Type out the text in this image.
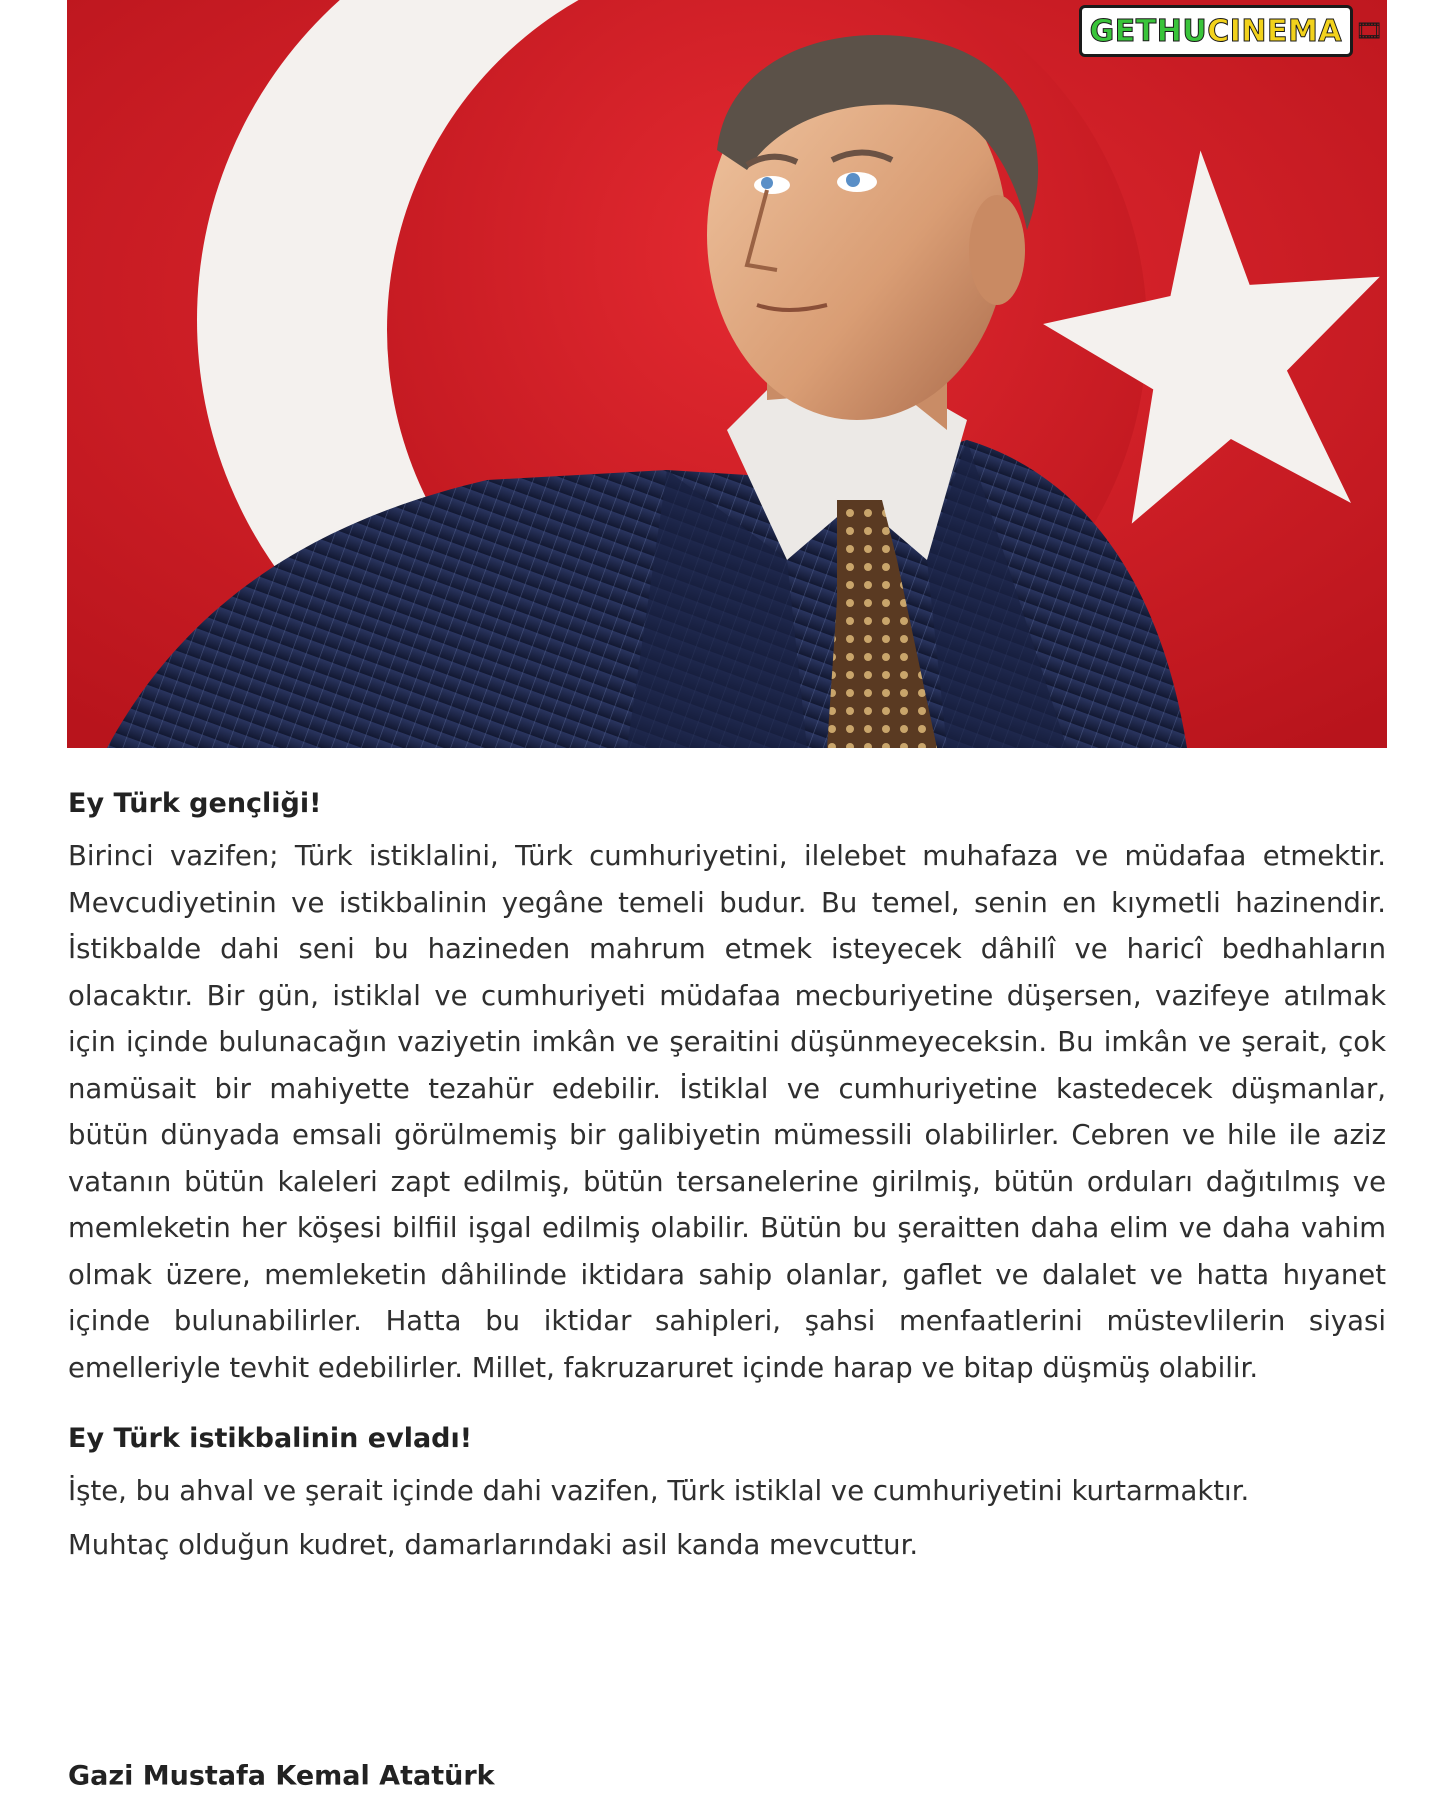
GETHU CINEMA 🎞

Ey Türk gençliği!

Birinci vazifen; Türk istiklalini, Türk cumhuriyetini, ilelebet muhafaza ve müdafaa etmektir. Mevcudiyetinin ve istikbalinin yegâne temeli budur. Bu temel, senin en kıymetli hazinendir. İstikbalde dahi seni bu hazineden mahrum etmek isteyecek dâhilî ve haricî bedhahların olacaktır. Bir gün, istiklal ve cumhuriyeti müdafaa mecburiyetine düşersen, vazifeye atılmak için içinde bulunacağın vaziyetin imkân ve şeraitini düşünmeyeceksin. Bu imkân ve şerait, çok namüsait bir mahiyette tezahür edebilir. İstiklal ve cumhuriyetine kastedecek düşmanlar, bütün dünyada emsali görülmemiş bir galibiyetin mümessili olabilirler. Cebren ve hile ile aziz vatanın bütün kaleleri zapt edilmiş, bütün tersanelerine girilmiş, bütün orduları dağıtılmış ve memleketin her köşesi bilfiil işgal edilmiş olabilir. Bütün bu şeraitten daha elim ve daha vahim olmak üzere, memleketin dâhilinde iktidara sahip olanlar, gaflet ve dalalet ve hatta hıyanet içinde bulunabilirler. Hatta bu iktidar sahipleri, şahsi menfaatlerini müstevlilerin siyasi emelleriyle tevhit edebilirler. Millet, fakruzaruret içinde harap ve bitap düşmüş olabilir.

Ey Türk istikbalinin evladı!

İşte, bu ahval ve şerait içinde dahi vazifen, Türk istiklal ve cumhuriyetini kurtarmaktır.

Muhtaç olduğun kudret, damarlarındaki asil kanda mevcuttur.

Gazi Mustafa Kemal Atatürk
